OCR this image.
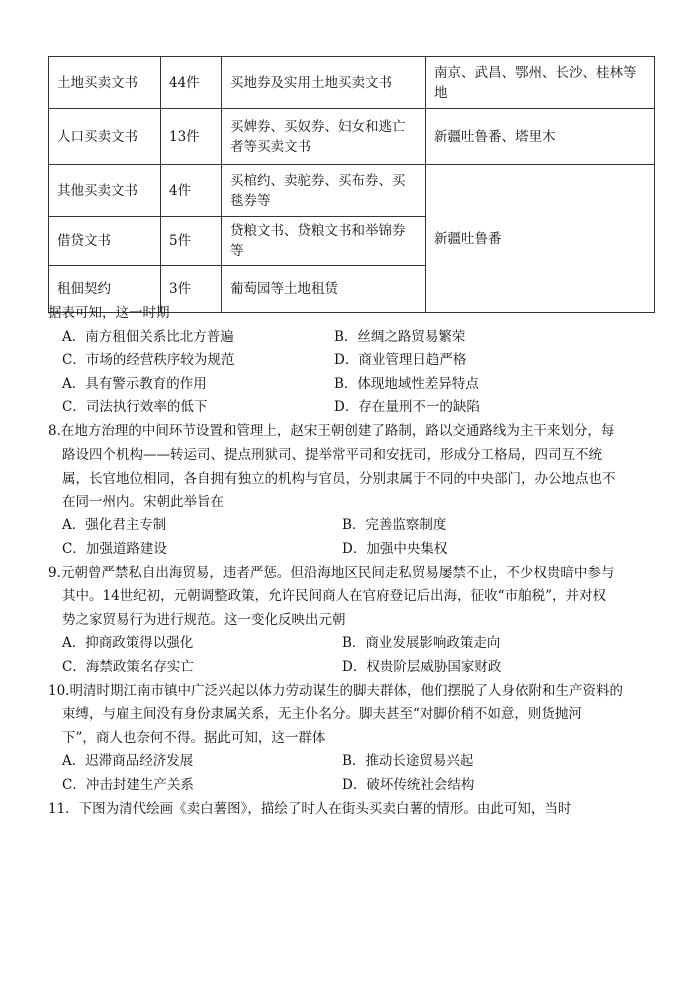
土地买卖文书	44件	买地券及实用土地买卖文书	南京、武昌、鄂州、长沙、桂林等地
人口买卖文书	13件	买婢券、买奴券、妇女和逃亡者等买卖文书	新疆吐鲁番、塔里木
其他买卖文书	4件	买棺约、卖驼券、买布券、买毯券等	新疆吐鲁番
借贷文书	5件	贷粮文书、贷粮文书和举锦券等	
租佃契约	3件	葡萄园等土地租赁	
据表可知，这一时期
A．南方租佃关系比北方普遍	B．丝绸之路贸易繁荣
C．市场的经营秩序较为规范	D．商业管理日趋严格
A．具有警示教育的作用	B．体现地域性差异特点
C．司法执行效率的低下	D．存在量刑不一的缺陷
8.在地方治理的中间环节设置和管理上，赵宋王朝创建了路制，路以交通路线为主干来划分，每
路设四个机构——转运司、提点刑狱司、提举常平司和安抚司，形成分工格局，四司互不统
属，长官地位相同，各自拥有独立的机构与官员，分别隶属于不同的中央部门，办公地点也不
在同一州内。宋朝此举旨在
A．强化君主专制	B．完善监察制度
C．加强道路建设	D．加强中央集权
9.元朝曾严禁私自出海贸易，违者严惩。但沿海地区民间走私贸易屡禁不止，不少权贵暗中参与
其中。14世纪初，元朝调整政策，允许民间商人在官府登记后出海，征收“市舶税”，并对权
势之家贸易行为进行规范。这一变化反映出元朝
A．抑商政策得以强化	B．商业发展影响政策走向
C．海禁政策名存实亡	D．权贵阶层威胁国家财政
10.明清时期江南市镇中广泛兴起以体力劳动谋生的脚夫群体，他们摆脱了人身依附和生产资料的
束缚，与雇主间没有身份隶属关系，无主仆名分。脚夫甚至“对脚价稍不如意，则货抛河
下”，商人也奈何不得。据此可知，这一群体
A．迟滞商品经济发展	B．推动长途贸易兴起
C．冲击封建生产关系	D．破坏传统社会结构
11．下图为清代绘画《卖白薯图》，描绘了时人在街头买卖白薯的情形。由此可知，当时
